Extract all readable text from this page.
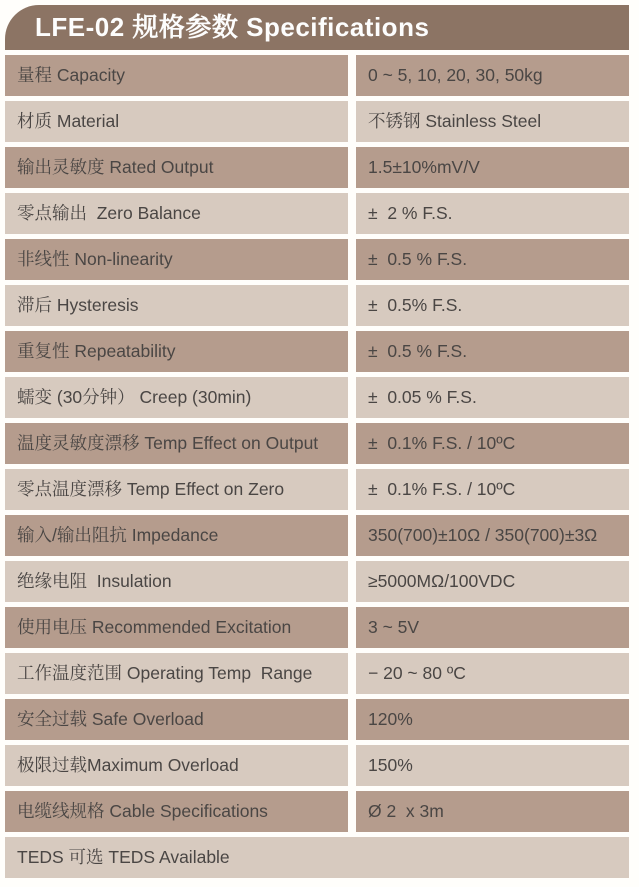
LFE-02 规格参数 Specifications
量程 Capacity	0 ~ 5, 10, 20, 30, 50kg
材质 Material	不锈钢 Stainless Steel
输出灵敏度 Rated Output	1.5±10%mV/V
零点输出  Zero Balance	±  2 % F.S.
非线性 Non-linearity	±  0.5 % F.S.
滞后 Hysteresis	±  0.5% F.S.
重复性 Repeatability	±  0.5 % F.S.
蠕变 (30分钟） Creep (30min)	±  0.05 % F.S.
温度灵敏度漂移 Temp Effect on Output	±  0.1% F.S. / 10ºC
零点温度漂移 Temp Effect on Zero	±  0.1% F.S. / 10ºC
输入/输出阻抗 Impedance	350(700)±10Ω / 350(700)±3Ω
绝缘电阻  Insulation	≥5000MΩ/100VDC
使用电压 Recommended Excitation	3 ~ 5V
工作温度范围 Operating Temp  Range	− 20 ~ 80 ºC
安全过载 Safe Overload	120%
极限过载Maximum Overload	150%
电缆线规格 Cable Specifications	Ø 2  x 3m
TEDS 可选 TEDS Available
